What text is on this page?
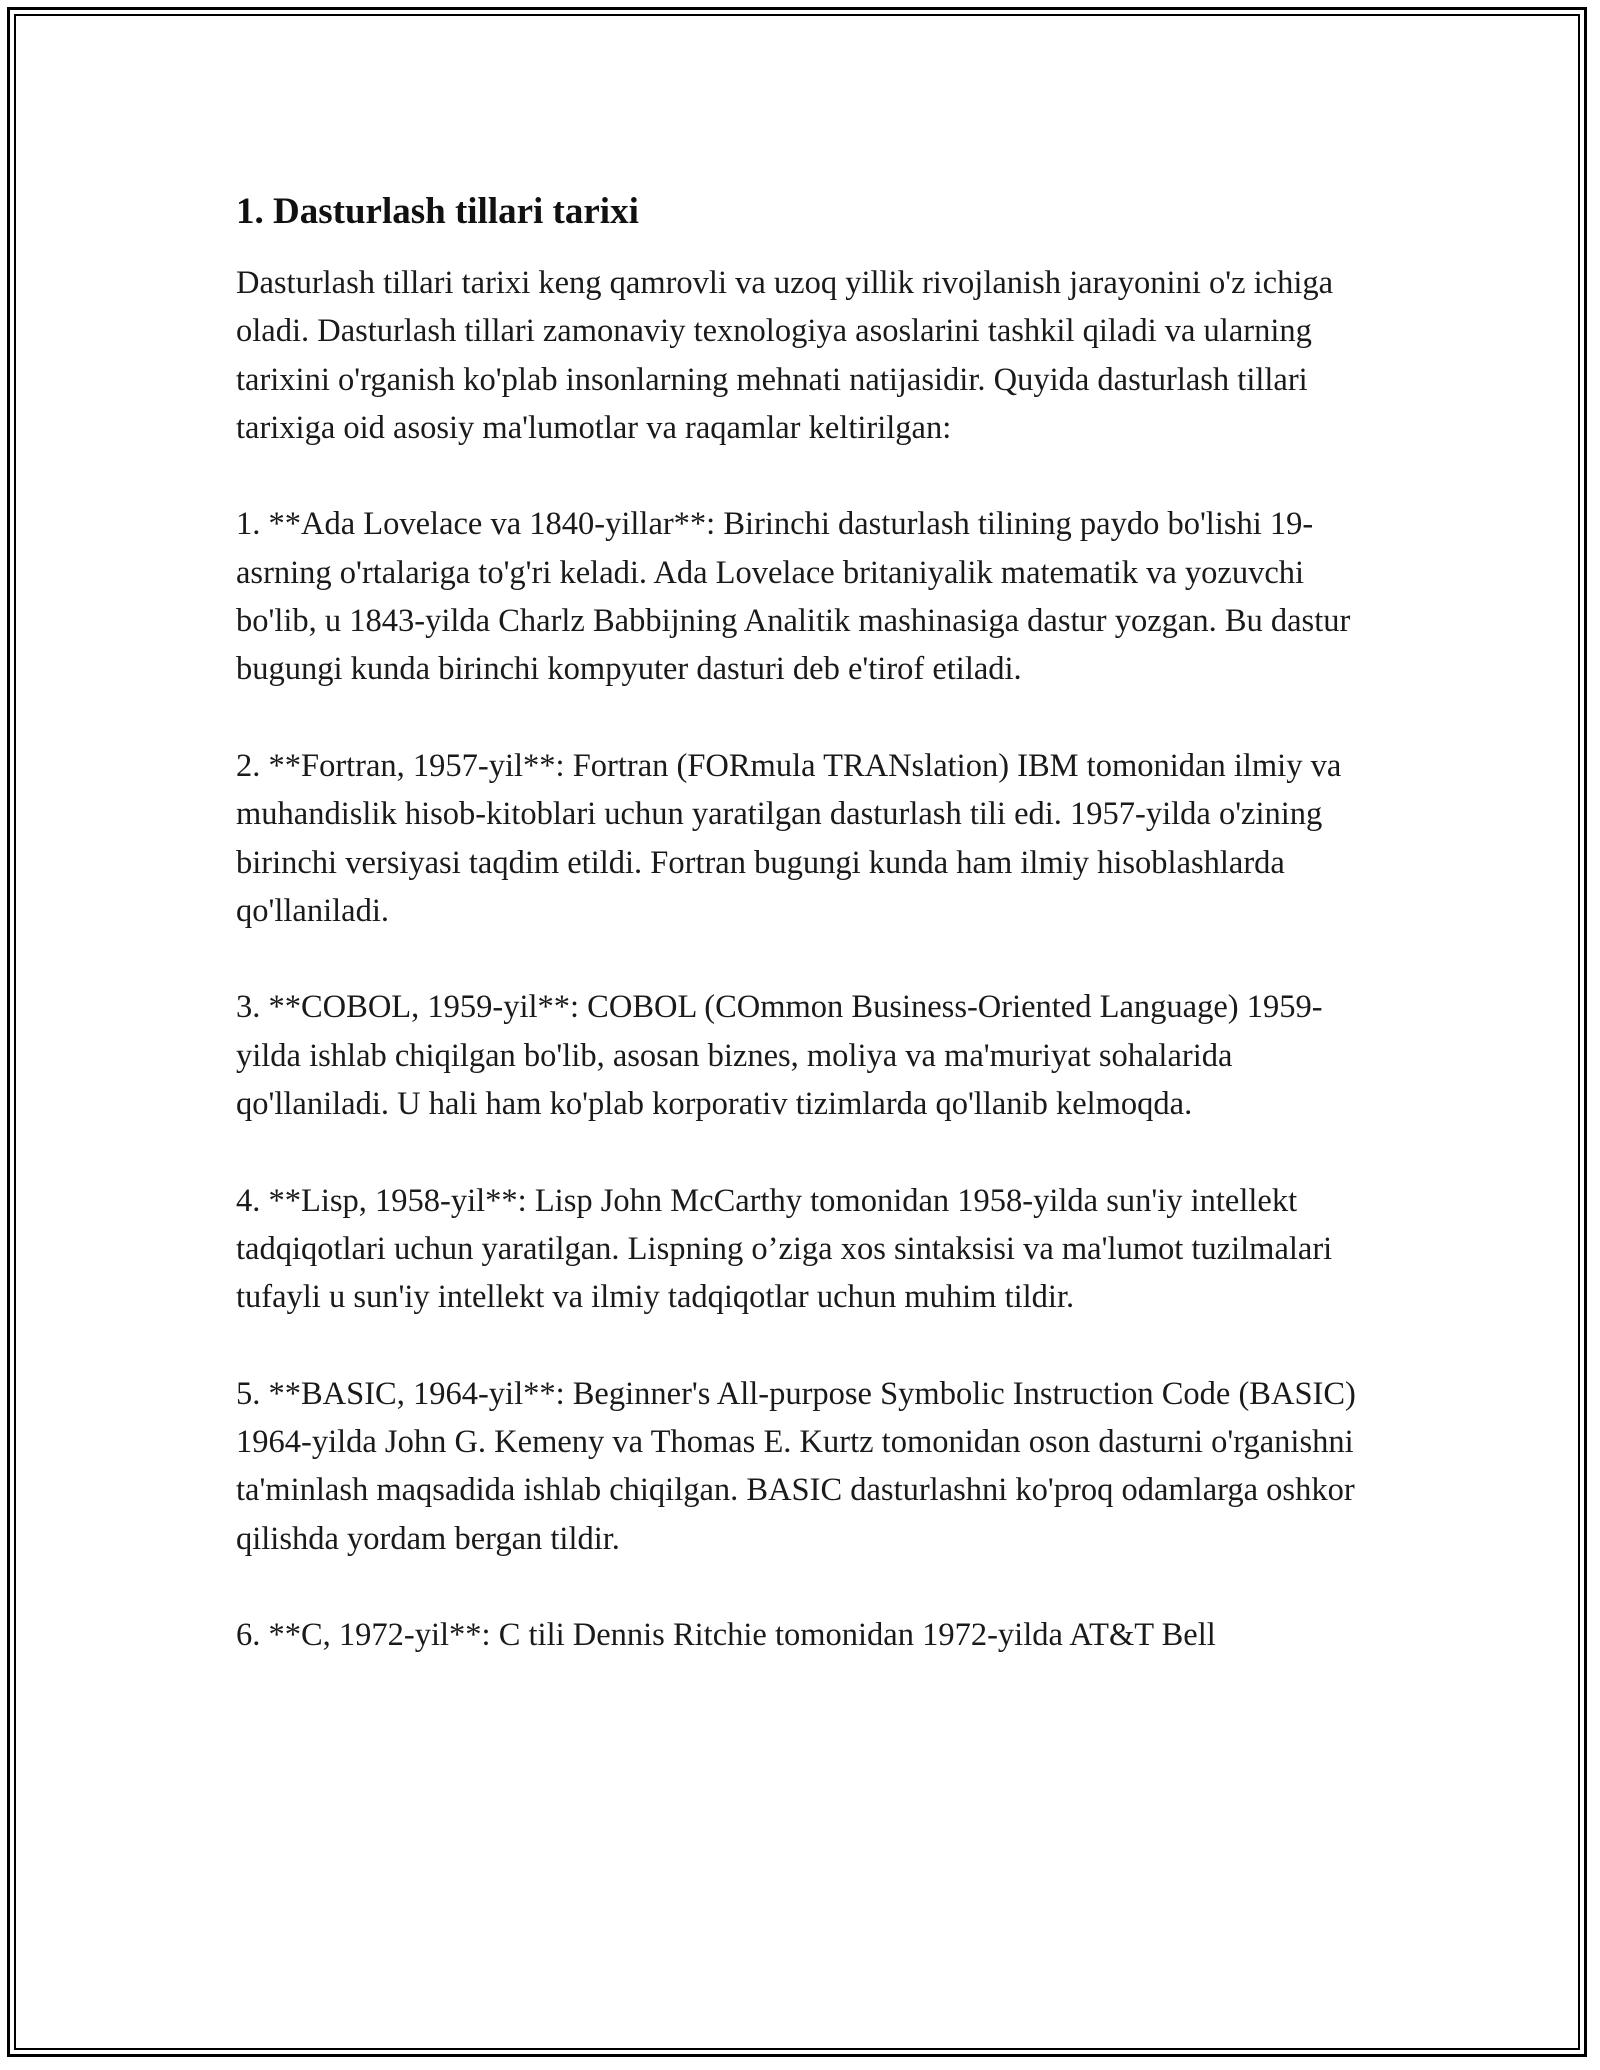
1. Dasturlash tillari tarixi

Dasturlash tillari tarixi keng qamrovli va uzoq yillik rivojlanish jarayonini o'z ichiga oladi. Dasturlash tillari zamonaviy texnologiya asoslarini tashkil qiladi va ularning tarixini o'rganish ko'plab insonlarning mehnati natijasidir. Quyida dasturlash tillari tarixiga oid asosiy ma'lumotlar va raqamlar keltirilgan:

1. **Ada Lovelace va 1840-yillar**: Birinchi dasturlash tilining paydo bo'lishi 19-asrning o'rtalariga to'g'ri keladi. Ada Lovelace britaniyalik matematik va yozuvchi bo'lib, u 1843-yilda Charlz Babbijning Analitik mashinasiga dastur yozgan. Bu dastur bugungi kunda birinchi kompyuter dasturi deb e'tirof etiladi.

2. **Fortran, 1957-yil**: Fortran (FORmula TRANslation) IBM tomonidan ilmiy va muhandislik hisob-kitoblari uchun yaratilgan dasturlash tili edi. 1957-yilda o'zining birinchi versiyasi taqdim etildi. Fortran bugungi kunda ham ilmiy hisoblashlarda qo'llaniladi.

3. **COBOL, 1959-yil**: COBOL (COmmon Business-Oriented Language) 1959-yilda ishlab chiqilgan bo'lib, asosan biznes, moliya va ma'muriyat sohalarida qo'llaniladi. U hali ham ko'plab korporativ tizimlarda qo'llanib kelmoqda.

4. **Lisp, 1958-yil**: Lisp John McCarthy tomonidan 1958-yilda sun'iy intellekt tadqiqotlari uchun yaratilgan. Lispning o’ziga xos sintaksisi va ma'lumot tuzilmalari tufayli u sun'iy intellekt va ilmiy tadqiqotlar uchun muhim tildir.

5. **BASIC, 1964-yil**: Beginner's All-purpose Symbolic Instruction Code (BASIC) 1964-yilda John G. Kemeny va Thomas E. Kurtz tomonidan oson dasturni o'rganishni ta'minlash maqsadida ishlab chiqilgan. BASIC dasturlashni ko'proq odamlarga oshkor qilishda yordam bergan tildir.

6. **C, 1972-yil**: C tili Dennis Ritchie tomonidan 1972-yilda AT&T Bell
